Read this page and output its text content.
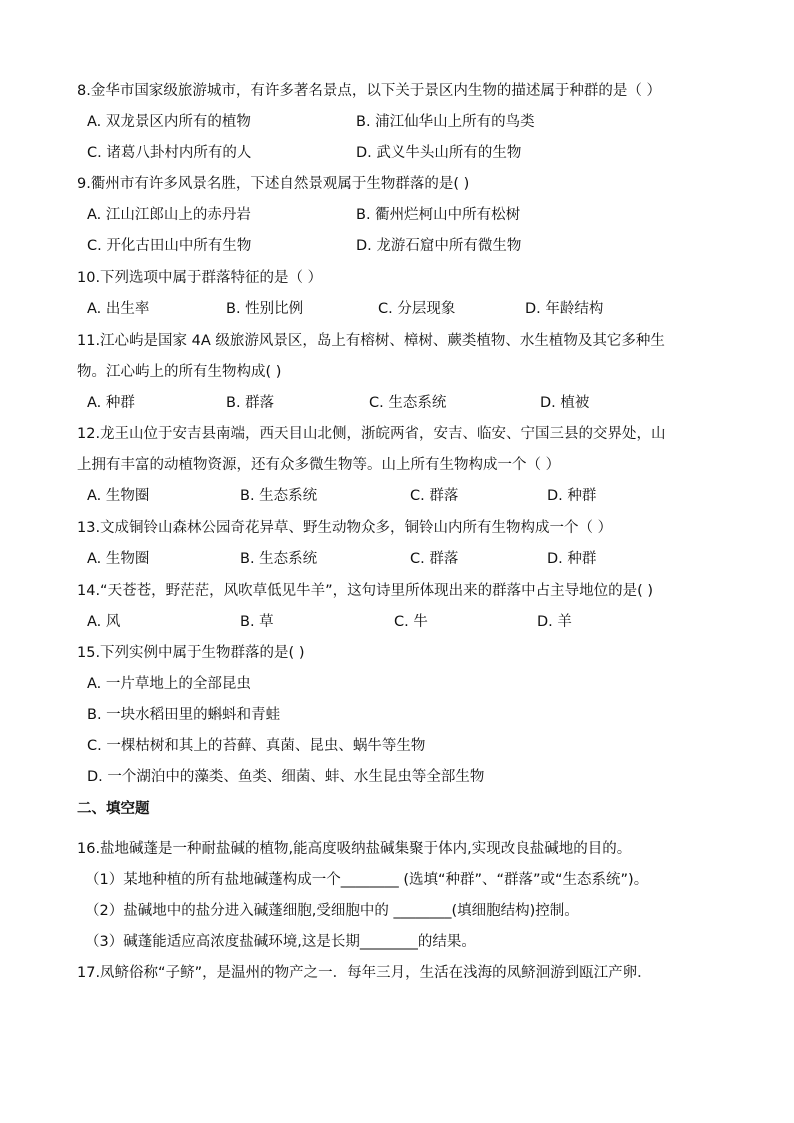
8.金华市国家级旅游城市，有许多著名景点，以下关于景区内生物的描述属于种群的是（ ）
A. 双龙景区内所有的植物	B. 浦江仙华山上所有的鸟类
C. 诸葛八卦村内所有的人	D. 武义牛头山所有的生物
9.衢州市有许多风景名胜，下述自然景观属于生物群落的是( )
A. 江山江郎山上的赤丹岩	B. 衢州烂柯山中所有松树
C. 开化古田山中所有生物	D. 龙游石窟中所有微生物
10.下列选项中属于群落特征的是（ ）
A. 出生率	B. 性别比例	C. 分层现象	D. 年龄结构
11.江心屿是国家 4A 级旅游风景区，岛上有榕树、樟树、蕨类植物、水生植物及其它多种生
物。江心屿上的所有生物构成( )
A. 种群	B. 群落	C. 生态系统	D. 植被
12.龙王山位于安吉县南端，西天目山北侧，浙皖两省，安吉、临安、宁国三县的交界处，山
上拥有丰富的动植物资源，还有众多微生物等。山上所有生物构成一个（ ）
A. 生物圈	B. 生态系统	C. 群落	D. 种群
13.文成铜铃山森林公园奇花异草、野生动物众多，铜铃山内所有生物构成一个（ ）
A. 生物圈	B. 生态系统	C. 群落	D. 种群
14.“天苍苍，野茫茫，风吹草低见牛羊”，这句诗里所体现出来的群落中占主导地位的是( )
A. 风	B. 草	C. 牛	D. 羊
15.下列实例中属于生物群落的是( )
A. 一片草地上的全部昆虫
B. 一块水稻田里的蝌蚪和青蛙
C. 一棵枯树和其上的苔藓、真菌、昆虫、蜗牛等生物
D. 一个湖泊中的藻类、鱼类、细菌、蚌、水生昆虫等全部生物
二、填空题
16.盐地碱蓬是一种耐盐碱的植物,能高度吸纳盐碱集聚于体内,实现改良盐碱地的目的。
（1）某地种植的所有盐地碱蓬构成一个________ (选填“种群”、“群落”或“生态系统”)。
（2）盐碱地中的盐分进入碱蓬细胞,受细胞中的 ________(填细胞结构)控制。
（3）碱蓬能适应高浓度盐碱环境,这是长期________的结果。
17.凤鲚俗称“子鲚”，是温州的物产之一．每年三月，生活在浅海的凤鲚洄游到瓯江产卵．
